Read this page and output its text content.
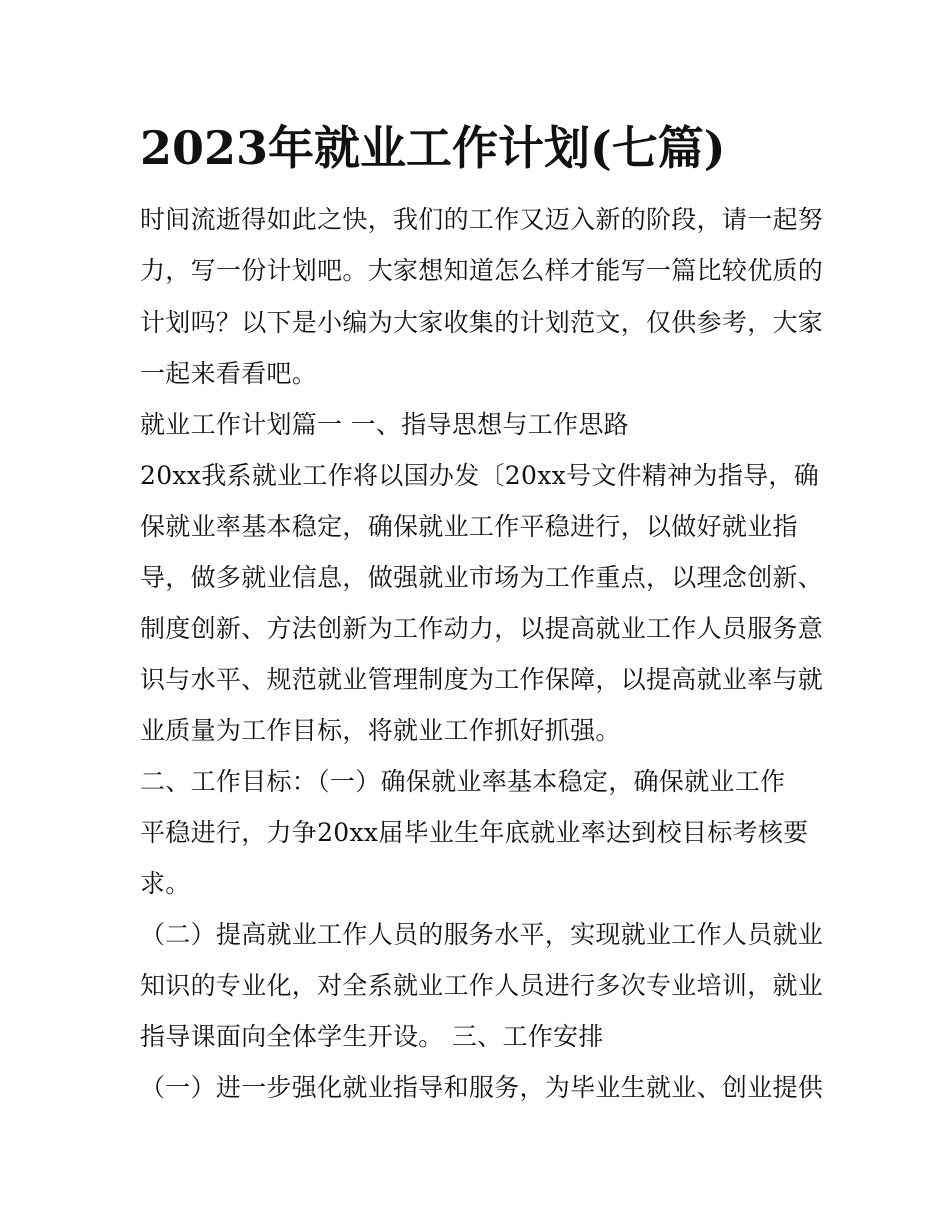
2023年就业工作计划(七篇)
时间流逝得如此之快，我们的工作又迈入新的阶段，请一起努
力，写一份计划吧。大家想知道怎么样才能写一篇比较优质的
计划吗？以下是小编为大家收集的计划范文，仅供参考，大家
一起来看看吧。
就业工作计划篇一 一、指导思想与工作思路
20xx我系就业工作将以国办发〔20xx号文件精神为指导，确
保就业率基本稳定，确保就业工作平稳进行，以做好就业指
导，做多就业信息，做强就业市场为工作重点，以理念创新、
制度创新、方法创新为工作动力，以提高就业工作人员服务意
识与水平、规范就业管理制度为工作保障，以提高就业率与就
业质量为工作目标，将就业工作抓好抓强。
二、工作目标：（一）确保就业率基本稳定，确保就业工作
平稳进行，力争20xx届毕业生年底就业率达到校目标考核要
求。
（二）提高就业工作人员的服务水平，实现就业工作人员就业
知识的专业化，对全系就业工作人员进行多次专业培训，就业
指导课面向全体学生开设。 三、工作安排
（一）进一步强化就业指导和服务，为毕业生就业、创业提供
